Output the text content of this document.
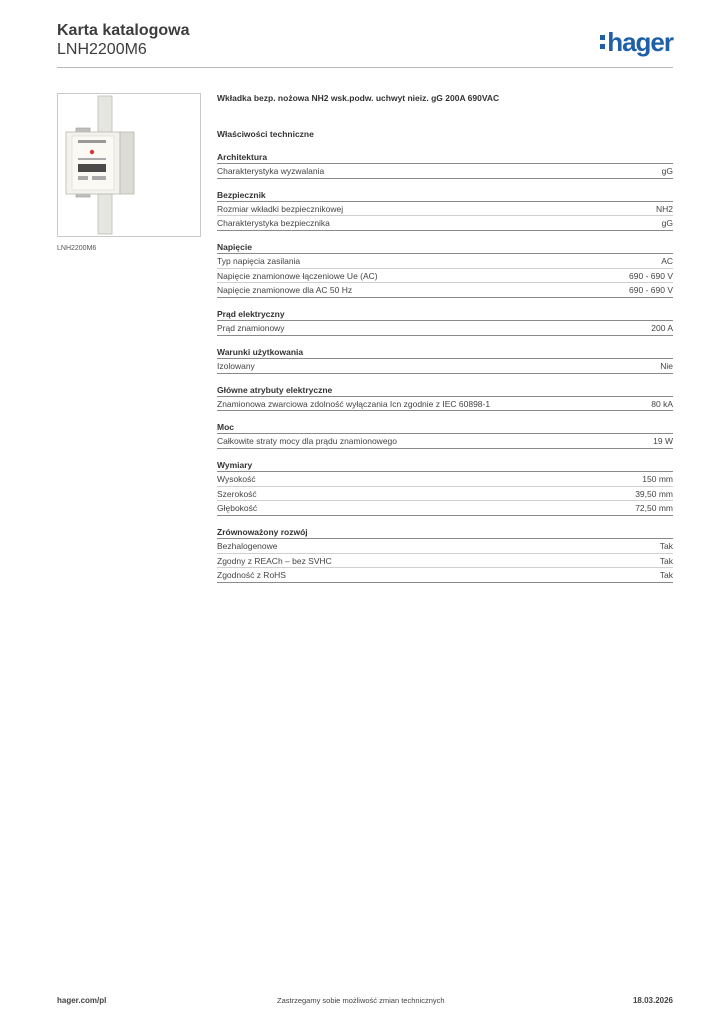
Karta katalogowa
LNH2200M6	hager
LNH2200M6
Wkładka bezp. nożowa NH2 wsk.podw. uchwyt nieiz. gG 200A 690VAC
Właściwości techniczne
Architektura
Charakterystyka wyzwalania	gG
Bezpiecznik
Rozmiar wkładki bezpiecznikowej	NH2
Charakterystyka bezpiecznika	gG
Napięcie
Typ napięcia zasilania	AC
Napięcie znamionowe łączeniowe Ue (AC)	690 - 690 V
Napięcie znamionowe dla AC 50 Hz	690 - 690 V
Prąd elektryczny
Prąd znamionowy	200 A
Warunki użytkowania
Izolowany	Nie
Główne atrybuty elektryczne
Znamionowa zwarciowa zdolność wyłączania Icn zgodnie z IEC 60898-1	80 kA
Moc
Całkowite straty mocy dla prądu znamionowego	19 W
Wymiary
Wysokość	150 mm
Szerokość	39,50 mm
Głębokość	72,50 mm
Zrównoważony rozwój
Bezhalogenowe	Tak
Zgodny z REACh – bez SVHC	Tak
Zgodność z RoHS	Tak
hager.com/pl	Zastrzegamy sobie możliwość zmian technicznych	18.03.2026
